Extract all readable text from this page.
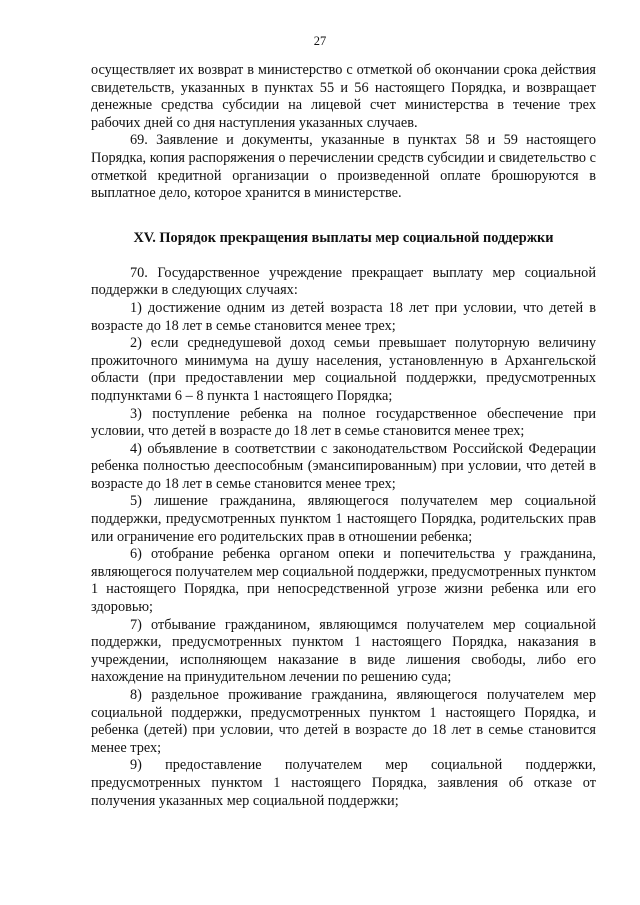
27

осуществляет их возврат в министерство с отметкой об окончании срока действия свидетельств, указанных в пунктах 55 и 56 настоящего Порядка, и возвращает денежные средства субсидии на лицевой счет министерства в течение трех рабочих дней со дня наступления указанных случаев.

69. Заявление и документы, указанные в пунктах 58 и 59 настоящего Порядка, копия распоряжения о перечислении средств субсидии и свидетельство с отметкой кредитной организации о произведенной оплате брошюруются в выплатное дело, которое хранится в министерстве.

XV. Порядок прекращения выплаты мер социальной поддержки

70. Государственное учреждение прекращает выплату мер социальной поддержки в следующих случаях:

1) достижение одним из детей возраста 18 лет при условии, что детей в возрасте до 18 лет в семье становится менее трех;

2) если среднедушевой доход семьи превышает полуторную величину прожиточного минимума на душу населения, установленную в Архангельской области (при предоставлении мер социальной поддержки, предусмотренных подпунктами 6 – 8 пункта 1 настоящего Порядка;

3) поступление ребенка на полное государственное обеспечение при условии, что детей в возрасте до 18 лет в семье становится менее трех;

4) объявление в соответствии с законодательством Российской Федерации ребенка полностью дееспособным (эмансипированным) при условии, что детей в возрасте до 18 лет в семье становится менее трех;

5) лишение гражданина, являющегося получателем мер социальной поддержки, предусмотренных пунктом 1 настоящего Порядка, родительских прав или ограничение его родительских прав в отношении ребенка;

6) отобрание ребенка органом опеки и попечительства у гражданина, являющегося получателем мер социальной поддержки, предусмотренных пунктом 1 настоящего Порядка, при непосредственной угрозе жизни ребенка или его здоровью;

7) отбывание гражданином, являющимся получателем мер социальной поддержки, предусмотренных пунктом 1 настоящего Порядка, наказания в учреждении, исполняющем наказание в виде лишения свободы, либо его нахождение на принудительном лечении по решению суда;

8) раздельное проживание гражданина, являющегося получателем мер социальной поддержки, предусмотренных пунктом 1 настоящего Порядка, и ребенка (детей) при условии, что детей в возрасте до 18 лет в семье становится менее трех;

9) предоставление получателем мер социальной поддержки, предусмотренных пунктом 1 настоящего Порядка, заявления об отказе от получения указанных мер социальной поддержки;
